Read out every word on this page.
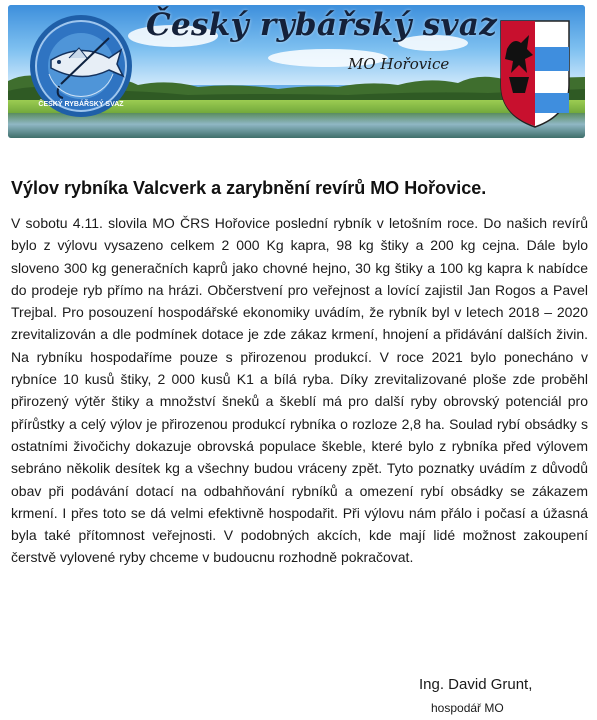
Český rybářský svaz
MO Hořovice
ČESKÝ RYBÁŘSKÝ SVAZ
Výlov rybníka Valcverk a zarybnění revírů MO Hořovice.

V sobotu 4.11. slovila MO ČRS Hořovice poslední rybník v letošním roce. Do našich revírů bylo z výlovu vysazeno celkem 2 000 Kg kapra, 98 kg štiky a 200 kg cejna. Dále bylo sloveno 300 kg generačních kaprů jako chovné hejno, 30 kg štiky a 100 kg kapra k nabídce do prodeje ryb přímo na hrázi. Občerstvení pro veřejnost a lovící zajistil Jan Rogos a Pavel Trejbal. Pro posouzení hospodářské ekonomiky uvádím, že rybník byl v letech 2018 – 2020 zrevitalizován a dle podmínek dotace je zde zákaz krmení, hnojení a přidávání dalších živin. Na rybníku hospodaříme pouze s přirozenou produkcí. V roce 2021 bylo ponecháno v rybníce 10 kusů štiky, 2 000 kusů K1 a bílá ryba. Díky zrevitalizované ploše zde proběhl přirozený výtěr štiky a množství šneků a škeblí má pro další ryby obrovský potenciál pro přírůstky a celý výlov je přirozenou produkcí rybníka o rozloze 2,8 ha. Soulad rybí obsádky s ostatními živočichy dokazuje obrovská populace škeble, které bylo z rybníka před výlovem sebráno několik desítek kg a všechny budou vráceny zpět. Tyto poznatky uvádím z důvodů obav při podávání dotací na odbahňování rybníků a omezení rybí obsádky se zákazem krmení. I přes toto se dá velmi efektivně hospodařit. Při výlovu nám přálo i počasí a úžasná byla také přítomnost veřejnosti. V podobných akcích, kde mají lidé možnost zakoupení čerstvě vylovené ryby chceme v budoucnu rozhodně pokračovat.

Ing. David Grunt,
hospodář MO
